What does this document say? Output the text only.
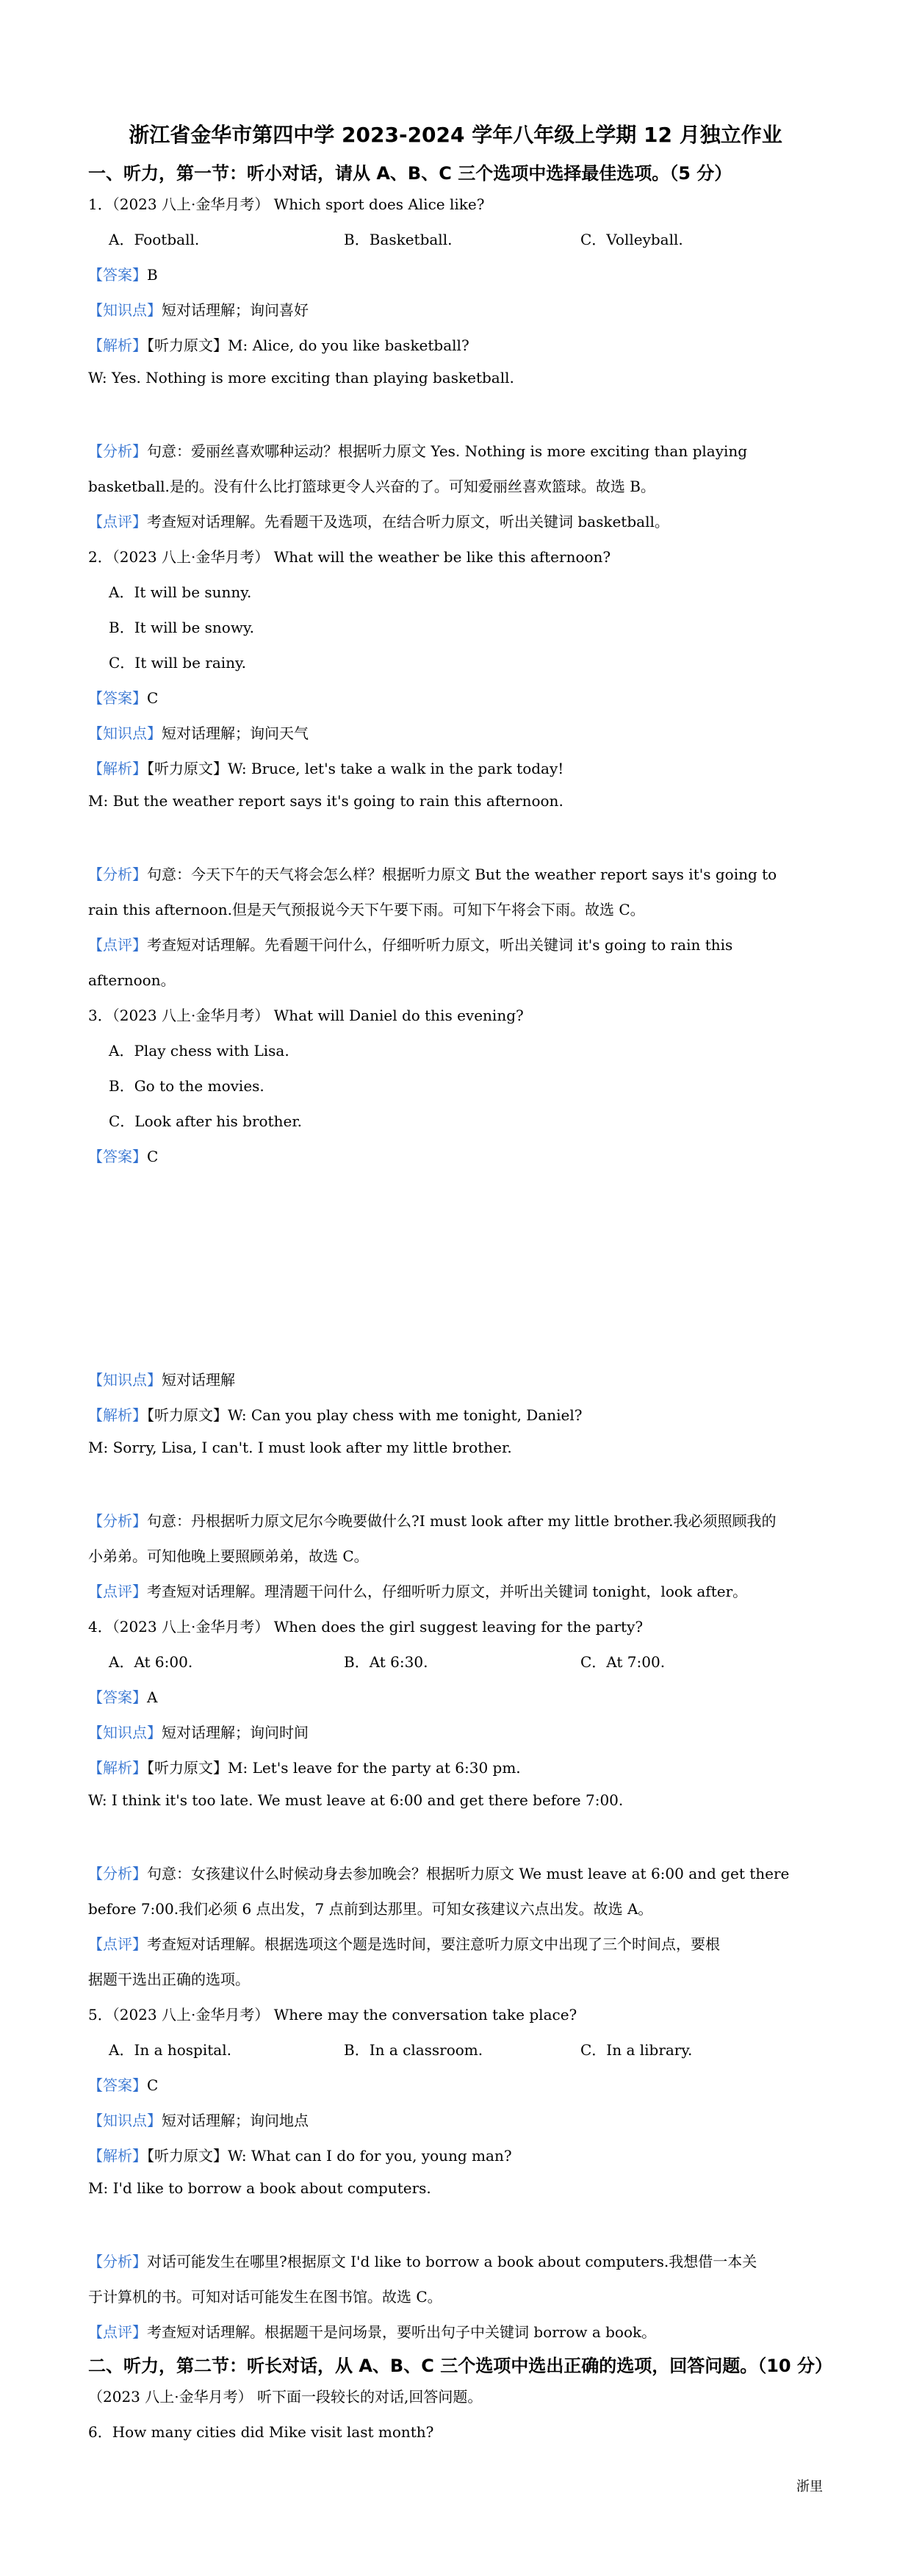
浙江省金华市第四中学 2023-2024 学年八年级上学期 12 月独立作业
一、听力，第一节：听小对话，请从 A、B、C 三个选项中选择最佳选项。（5 分）
1．（2023 八上·金华月考） Which sport does Alice like?
A．Football.	B．Basketball.	C．Volleyball.
【答案】B
【知识点】短对话理解；询问喜好
【解析】【听力原文】M: Alice, do you like basketball?
W: Yes. Nothing is more exciting than playing basketball.
【分析】句意：爱丽丝喜欢哪种运动？根据听力原文 Yes. Nothing is more exciting than playing
basketball.是的。没有什么比打篮球更令人兴奋的了。可知爱丽丝喜欢篮球。故选 B。
【点评】考查短对话理解。先看题干及选项，在结合听力原文，听出关键词 basketball。
2．（2023 八上·金华月考） What will the weather be like this afternoon?
A．It will be sunny.
B．It will be snowy.
C．It will be rainy.
【答案】C
【知识点】短对话理解；询问天气
【解析】【听力原文】W: Bruce, let's take a walk in the park today!
M: But the weather report says it's going to rain this afternoon.
【分析】句意：今天下午的天气将会怎么样？根据听力原文 But the weather report says it's going to
rain this afternoon.但是天气预报说今天下午要下雨。可知下午将会下雨。故选 C。
【点评】考查短对话理解。先看题干问什么，仔细听听力原文，听出关键词 it's going to rain this
afternoon。
3．（2023 八上·金华月考） What will Daniel do this evening?
A．Play chess with Lisa.
B．Go to the movies.
C．Look after his brother.
【答案】C
【知识点】短对话理解
【解析】【听力原文】W: Can you play chess with me tonight, Daniel?
M: Sorry, Lisa, I can't. I must look after my little brother.
【分析】句意：丹根据听力原文尼尔今晚要做什么?I must look after my little brother.我必须照顾我的
小弟弟。可知他晚上要照顾弟弟，故选 C。
【点评】考查短对话理解。理清题干问什么，仔细听听力原文，并听出关键词 tonight，look after。
4．（2023 八上·金华月考） When does the girl suggest leaving for the party?
A．At 6:00.	B．At 6:30.	C．At 7:00.
【答案】A
【知识点】短对话理解；询问时间
【解析】【听力原文】M: Let's leave for the party at 6:30 pm.
W: I think it's too late. We must leave at 6:00 and get there before 7:00.
【分析】句意：女孩建议什么时候动身去参加晚会？根据听力原文 We must leave at 6:00 and get there
before 7:00.我们必须 6 点出发，7 点前到达那里。可知女孩建议六点出发。故选 A。
【点评】考查短对话理解。根据选项这个题是选时间，要注意听力原文中出现了三个时间点，要根
据题干选出正确的选项。
5．（2023 八上·金华月考） Where may the conversation take place?
A．In a hospital.	B．In a classroom.	C．In a library.
【答案】C
【知识点】短对话理解；询问地点
【解析】【听力原文】W: What can I do for you, young man?
M: I'd like to borrow a book about computers.
【分析】对话可能发生在哪里?根据原文 I'd like to borrow a book about computers.我想借一本关
于计算机的书。可知对话可能发生在图书馆。故选 C。
【点评】考查短对话理解。根据题干是问场景，要听出句子中关键词 borrow a book。
二、听力，第二节：听长对话，从 A、B、C 三个选项中选出正确的选项，回答问题。（10 分）
（2023 八上·金华月考） 听下面一段较长的对话,回答问题。
6．How many cities did Mike visit last month?
浙里
